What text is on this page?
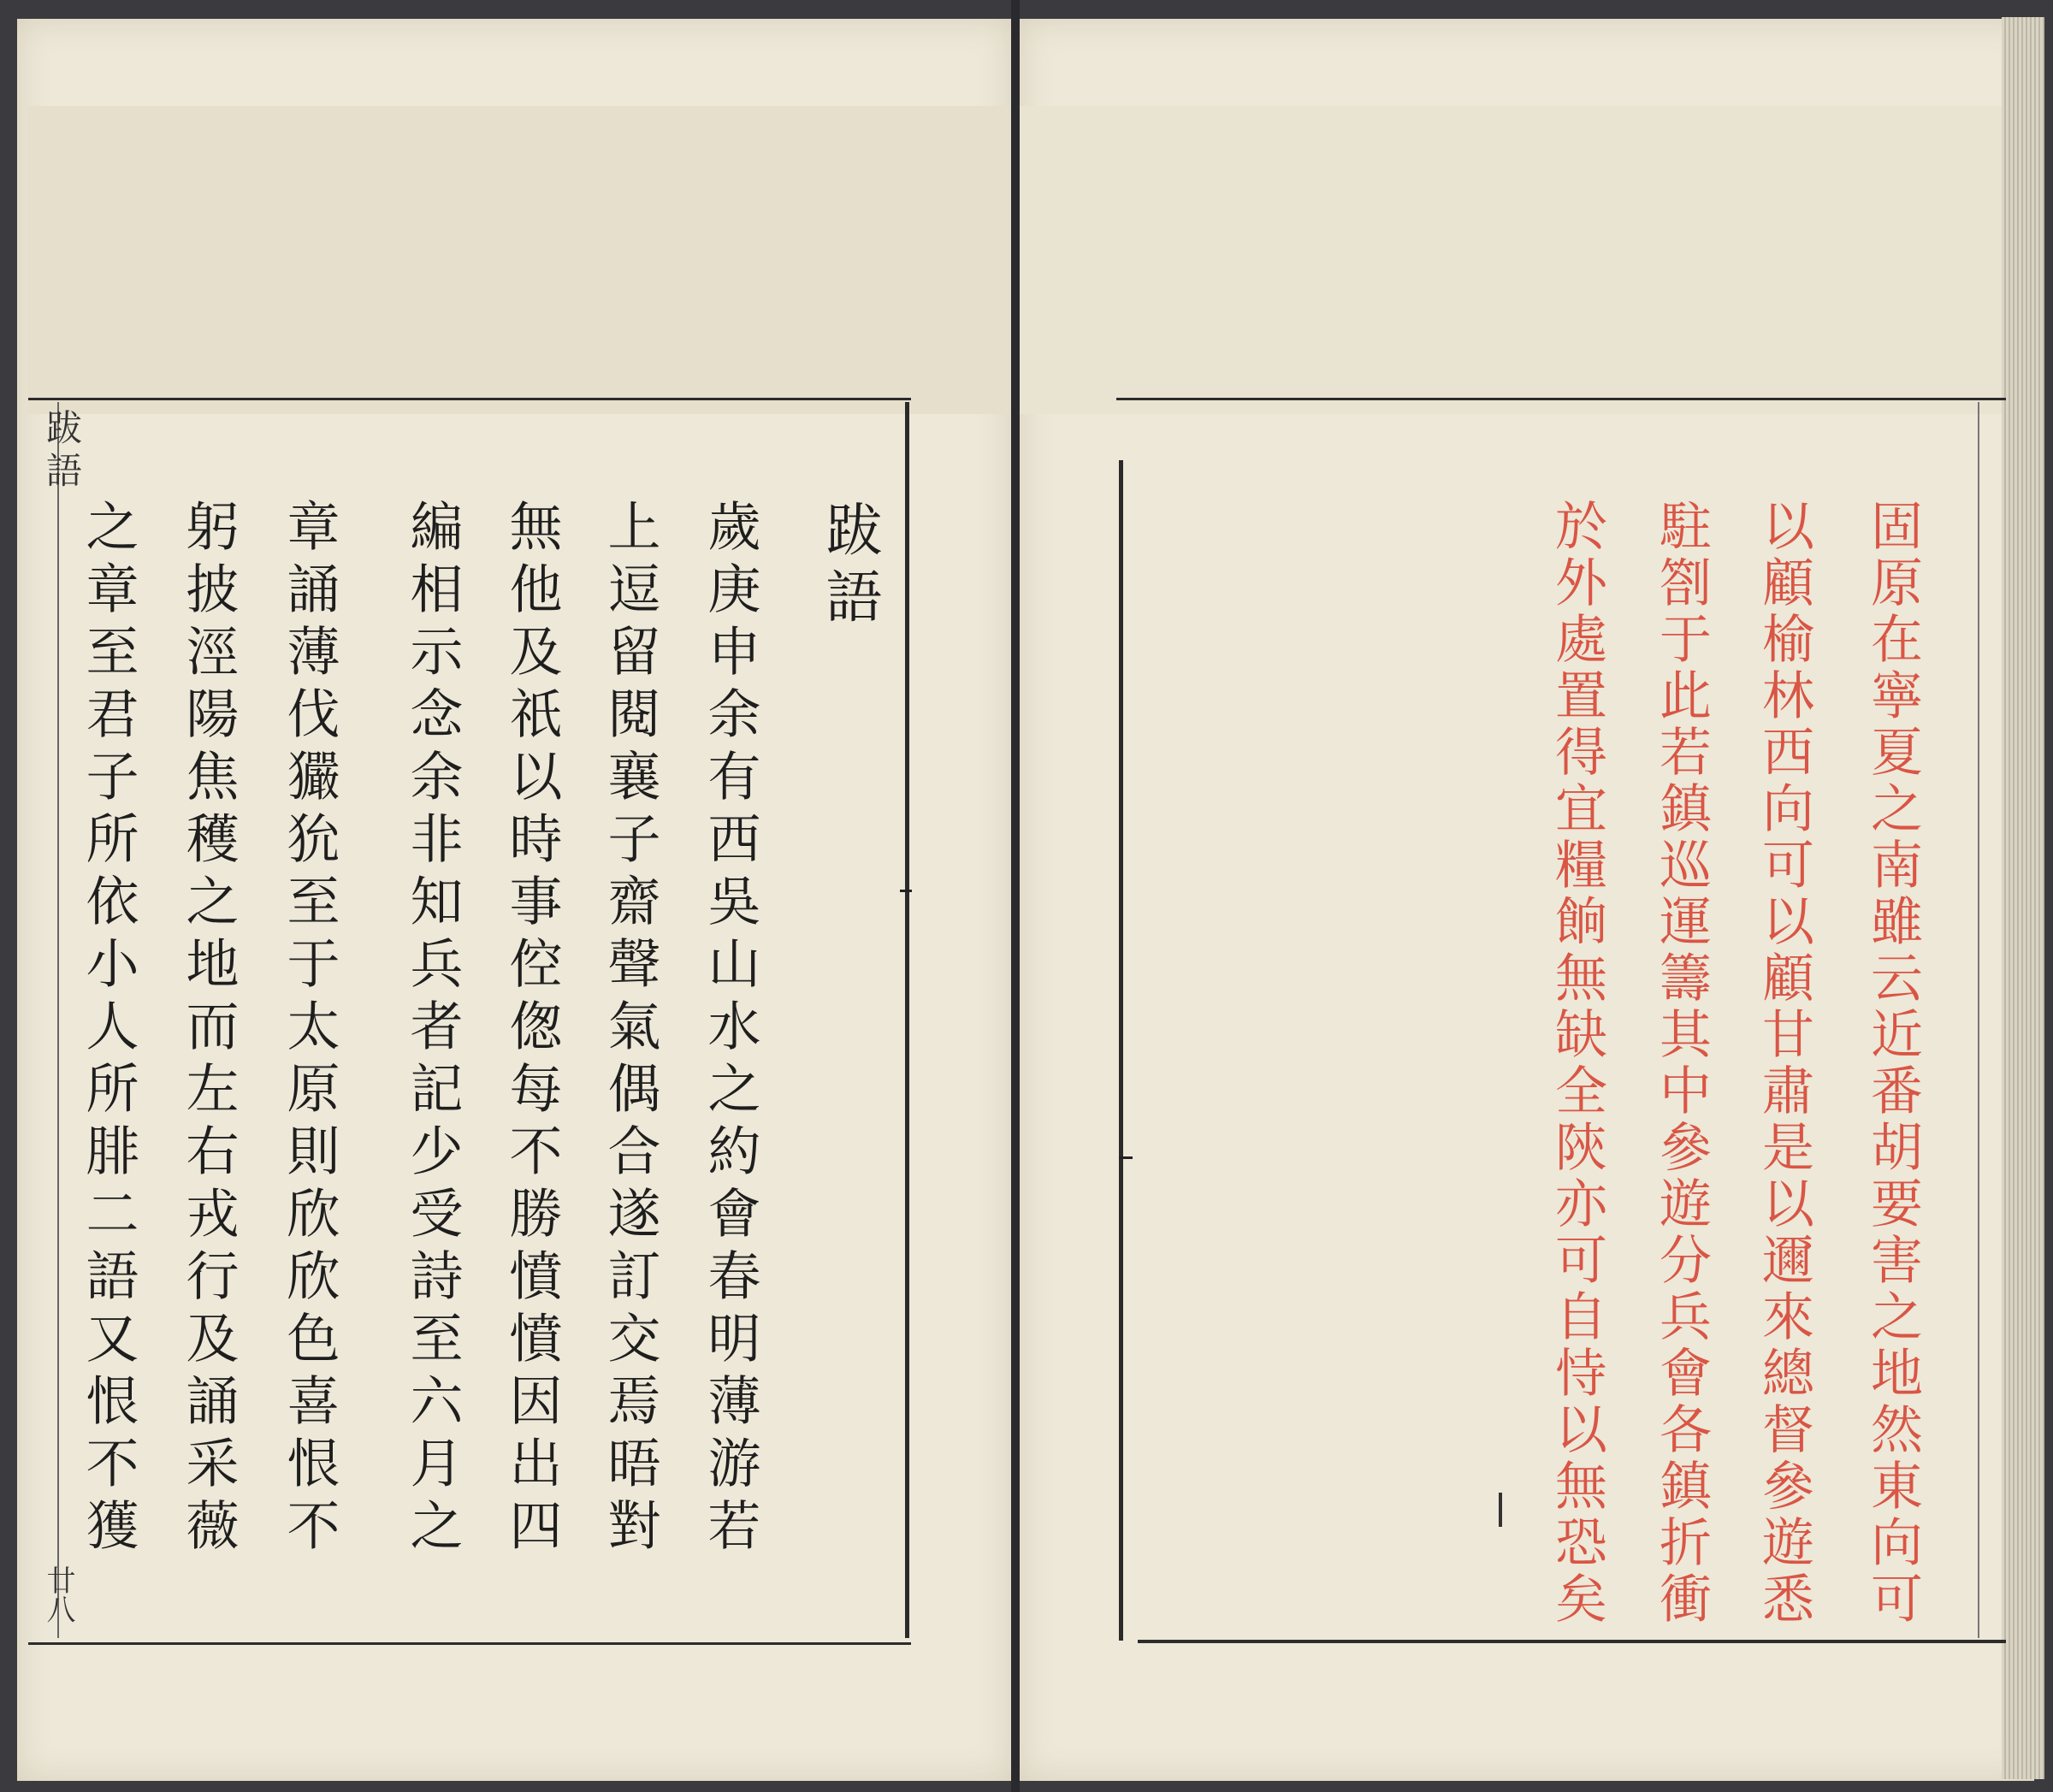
跋語
廿八
跋語
歲庚申余有西吳山水之約會春明薄游若
上逗留閱襄子齋聲氣偶合遂訂交焉晤對
無他及祇以時事倥偬每不勝憤憤因出四
編相示念余非知兵者記少受詩至六月之
章誦薄伐玁狁至于太原則欣欣色喜恨不
躬披涇陽焦穫之地而左右戎行及誦采薇
之章至君子所依小人所腓二語又恨不獲	固原在寧夏之南雖云近番胡要害之地然東向可
以顧榆林西向可以顧甘肅是以邇來總督參遊悉
駐劄于此若鎮巡運籌其中參遊分兵會各鎮折衝
於外處置得宜糧餉無缺全陝亦可自恃以無恐矣
